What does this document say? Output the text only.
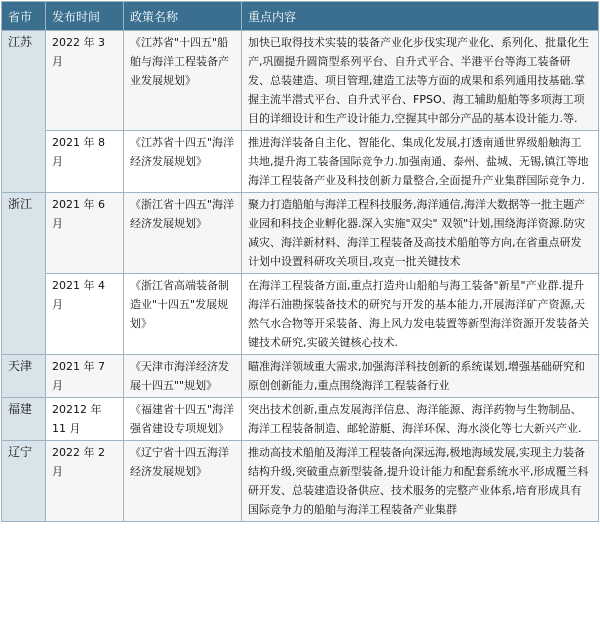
省市	发布时间	政策名称	重点内容
江苏	2022 年 3 月	《江苏省"十四五"船舶与海洋工程装备产业发展规划》	加快已取得技术实装的装备产业化步伐实现产业化、系列化、批量化生产,巩圈提升圆筒型系列平台、自升式平合、半港平台等海工装备研发、总装建造、项目管理,建造工法等方面的成果和系列通用技基础.掌握主流半潜式平台、自升式平台、FPSO、海工辅助船舶等多项海工项目的详细设计和生产设计能力,空握其中部分产品的基本设计能力.等.
	2021 年 8 月	《江苏省十四五"海洋经济发展规划》	推进海洋装备自主化、智能化、集成化发展,打透南通世界级船触海工共地,提升海工装备国际竞争力.加强南通、泰州、盐城、无锡,镇江等地海洋工程装备产业及科技创新力量整合,全面提升产业集群国际竞争力.
浙江	2021 年 6 月	《浙江省十四五"海洋经济发展规划》	聚力打造船舶与海洋工程科技服务,海洋通信,海洋大数据等一批主题产业园和科技企业孵化器.深入实施"双尖" 双领"计划,围绕海洋资源.防灾减灾、海洋新材料、海洋工程装备及高技术船舶等方向,在省重点研发计划中设置科研攻关项目,攻克一批关键技术
	2021 年 4 月	《浙江省高端装备制造业"十四五"发展规划》	在海洋工程装备方面,重点打造舟山船舶与海工装备"新星"产业群.提升海洋石油勘探装备技术的研究与开发的基本能力,开展海洋矿产资源,天然气水合物等开采装备、海上风力发电装置等新型海洋资源开发装备关键技术研究,实破关键核心技术.
天津	2021 年 7 月	《天津市海洋经济发展十四五""规划》	瞄准海洋领域重大需求,加强海洋科技创新的系统谋划,增强基础研究和原创创新能力,重点围绕海洋工程装备行业
福建	20212 年　11 月	《福建省十四五"海洋强省建设专项规划》	突出技术创新,重点发展海洋信息、海洋能源、海洋药物与生物制品、海洋工程装备制造、邮轮游艇、海洋环保、海水淡化等七大新兴产业.
辽宁	2022 年 2 月	《辽宁省十四五海洋经济发展规划》	推动高技术船舶及海洋工程装备向深远海,极地海域发展,实现主力装备结构升级,突破重点新型装备,提升设计能力和配套系统水平,形成覆兰科研开发、总装建造设备供应、技术服务的完整产业体系,培育形成具有国际竞争力的船舶与海洋工程装备产业集群
